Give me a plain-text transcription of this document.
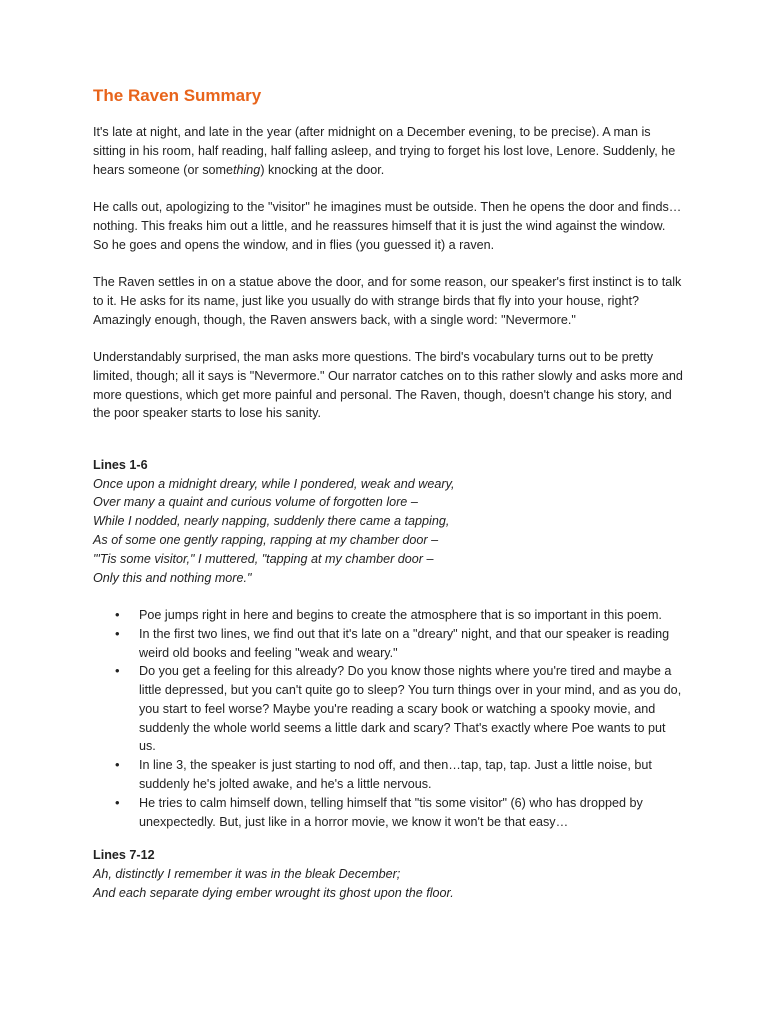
The Raven Summary

It's late at night, and late in the year (after midnight on a December evening, to be precise). A man is sitting in his room, half reading, half falling asleep, and trying to forget his lost love, Lenore. Suddenly, he hears someone (or something) knocking at the door.

He calls out, apologizing to the "visitor" he imagines must be outside. Then he opens the door and finds…nothing. This freaks him out a little, and he reassures himself that it is just the wind against the window. So he goes and opens the window, and in flies (you guessed it) a raven.

The Raven settles in on a statue above the door, and for some reason, our speaker's first instinct is to talk to it. He asks for its name, just like you usually do with strange birds that fly into your house, right? Amazingly enough, though, the Raven answers back, with a single word: "Nevermore."

Understandably surprised, the man asks more questions. The bird's vocabulary turns out to be pretty limited, though; all it says is "Nevermore." Our narrator catches on to this rather slowly and asks more and more questions, which get more painful and personal. The Raven, though, doesn't change his story, and the poor speaker starts to lose his sanity.

Lines 1-6
Once upon a midnight dreary, while I pondered, weak and weary,
Over many a quaint and curious volume of forgotten lore –
While I nodded, nearly napping, suddenly there came a tapping,
As of some one gently rapping, rapping at my chamber door –
"'Tis some visitor," I muttered, "tapping at my chamber door –
Only this and nothing more."
• Poe jumps right in here and begins to create the atmosphere that is so important in this poem.
• In the first two lines, we find out that it's late on a "dreary" night, and that our speaker is reading weird old books and feeling "weak and weary."
• Do you get a feeling for this already? Do you know those nights where you're tired and maybe a little depressed, but you can't quite go to sleep? You turn things over in your mind, and as you do, you start to feel worse? Maybe you're reading a scary book or watching a spooky movie, and suddenly the whole world seems a little dark and scary? That's exactly where Poe wants to put us.
• In line 3, the speaker is just starting to nod off, and then…tap, tap, tap. Just a little noise, but suddenly he's jolted awake, and he's a little nervous.
• He tries to calm himself down, telling himself that "tis some visitor" (6) who has dropped by unexpectedly. But, just like in a horror movie, we know it won't be that easy…
Lines 7-12
Ah, distinctly I remember it was in the bleak December;
And each separate dying ember wrought its ghost upon the floor.
